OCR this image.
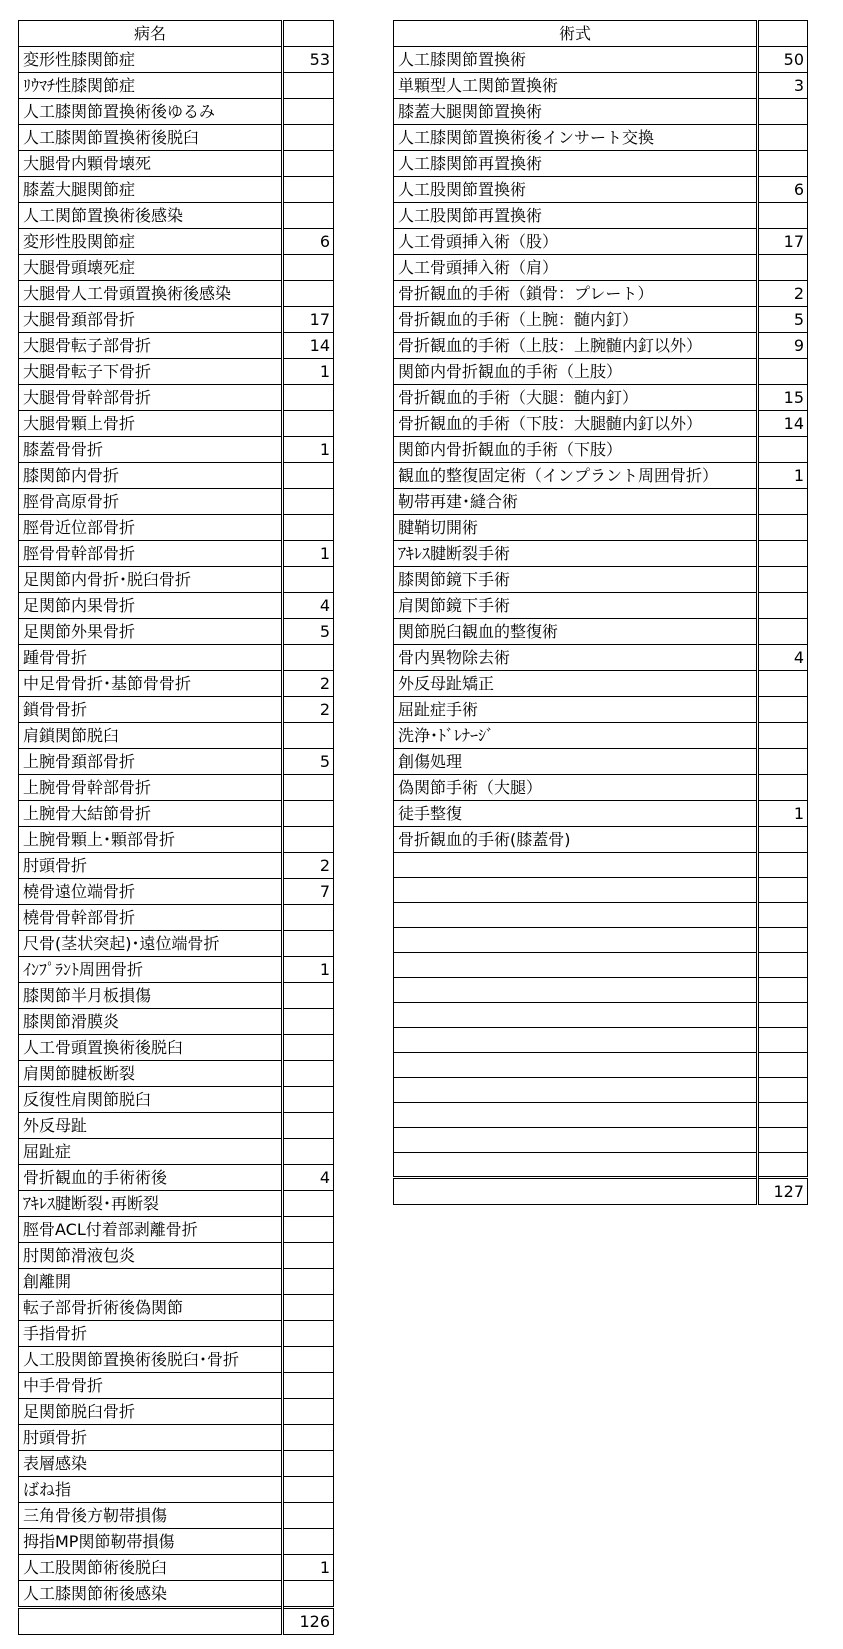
病名	
変形性膝関節症	53
ﾘｳﾏﾁ性膝関節症	
人工膝関節置換術後ゆるみ	
人工膝関節置換術後脱臼	
大腿骨内顆骨壊死	
膝蓋大腿関節症	
人工関節置換術後感染	
変形性股関節症	6
大腿骨頭壊死症	
大腿骨人工骨頭置換術後感染	
大腿骨頚部骨折	17
大腿骨転子部骨折	14
大腿骨転子下骨折	1
大腿骨骨幹部骨折	
大腿骨顆上骨折	
膝蓋骨骨折	1
膝関節内骨折	
脛骨高原骨折	
脛骨近位部骨折	
脛骨骨幹部骨折	1
足関節内骨折･脱臼骨折	
足関節内果骨折	4
足関節外果骨折	5
踵骨骨折	
中足骨骨折･基節骨骨折	2
鎖骨骨折	2
肩鎖関節脱臼	
上腕骨頚部骨折	5
上腕骨骨幹部骨折	
上腕骨大結節骨折	
上腕骨顆上･顆部骨折	
肘頭骨折	2
橈骨遠位端骨折	7
橈骨骨幹部骨折	
尺骨(茎状突起)･遠位端骨折	
ｲﾝﾌﾟﾗﾝﾄ周囲骨折	1
膝関節半月板損傷	
膝関節滑膜炎	
人工骨頭置換術後脱臼	
肩関節腱板断裂	
反復性肩関節脱臼	
外反母趾	
屈趾症	
骨折観血的手術術後	4
ｱｷﾚｽ腱断裂･再断裂	
脛骨ACL付着部剥離骨折	
肘関節滑液包炎	
創離開	
転子部骨折術後偽関節	
手指骨折	
人工股関節置換術後脱臼･骨折	
中手骨骨折	
足関節脱臼骨折	
肘頭骨折	
表層感染	
ばね指	
三角骨後方靭帯損傷	
拇指MP関節靭帯損傷	
人工股関節術後脱臼	1
人工膝関節術後感染	
	126
術式	
人工膝関節置換術	50
単顆型人工関節置換術	3
膝蓋大腿関節置換術	
人工膝関節置換術後インサート交換	
人工膝関節再置換術	
人工股関節置換術	6
人工股関節再置換術	
人工骨頭挿入術（股）	17
人工骨頭挿入術（肩）	
骨折観血的手術（鎖骨：プレート）	2
骨折観血的手術（上腕：髄内釘）	5
骨折観血的手術（上肢：上腕髄内釘以外）	9
関節内骨折観血的手術（上肢）	
骨折観血的手術（大腿：髄内釘）	15
骨折観血的手術（下肢：大腿髄内釘以外）	14
関節内骨折観血的手術（下肢）	
観血的整復固定術（インプラント周囲骨折）	1
靭帯再建･縫合術	
腱鞘切開術	
ｱｷﾚｽ腱断裂手術	
膝関節鏡下手術	
肩関節鏡下手術	
関節脱臼観血的整復術	
骨内異物除去術	4
外反母趾矯正	
屈趾症手術	
洗浄･ﾄﾞﾚﾅｰｼﾞ	
創傷処理	
偽関節手術（大腿）	
徒手整復	1
骨折観血的手術(膝蓋骨)	

	127
